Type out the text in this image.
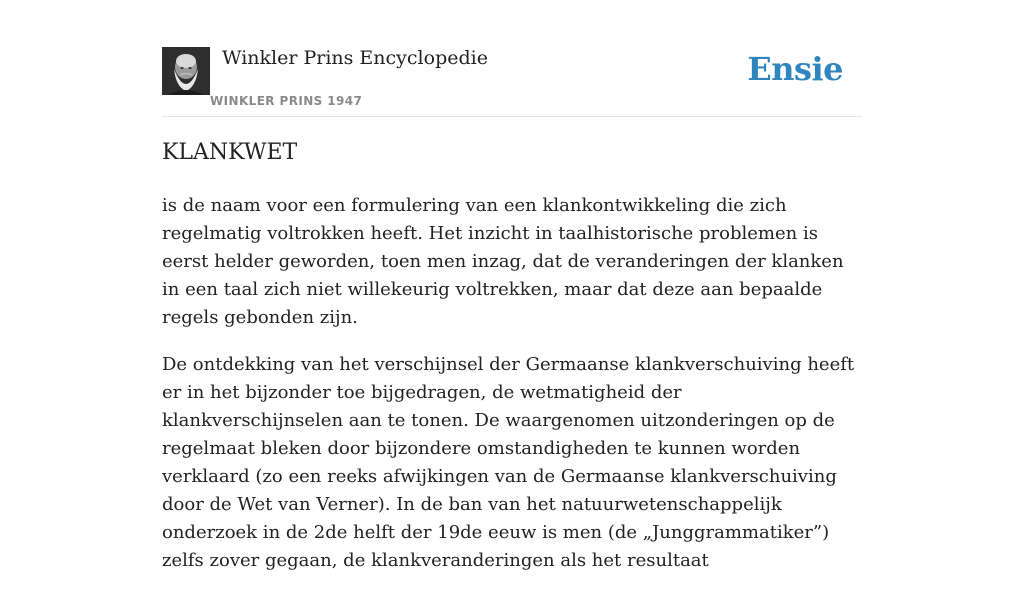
Winkler Prins Encyclopedie
WINKLER PRINS 1947
Ensie
KLANKWET

is de naam voor een formulering van een klankontwikkeling die zich regelmatig voltrokken heeft. Het inzicht in taalhistorische problemen is eerst helder geworden, toen men inzag, dat de veranderingen der klanken in een taal zich niet willekeurig voltrekken, maar dat deze aan bepaalde regels gebonden zijn.

De ontdekking van het verschijnsel der Germaanse klankverschuiving heeft er in het bijzonder toe bijgedragen, de wetmatigheid der klankverschijnselen aan te tonen. De waargenomen uitzonderingen op de regelmaat bleken door bijzondere omstandigheden te kunnen worden verklaard (zo een reeks afwijkingen van de Germaanse klankverschuiving door de Wet van Verner). In de ban van het natuurwetenschappelijk onderzoek in de 2de helft der 19de eeuw is men (de „Junggrammatiker”) zelfs zover gegaan, de klankveranderingen als het resultaat
